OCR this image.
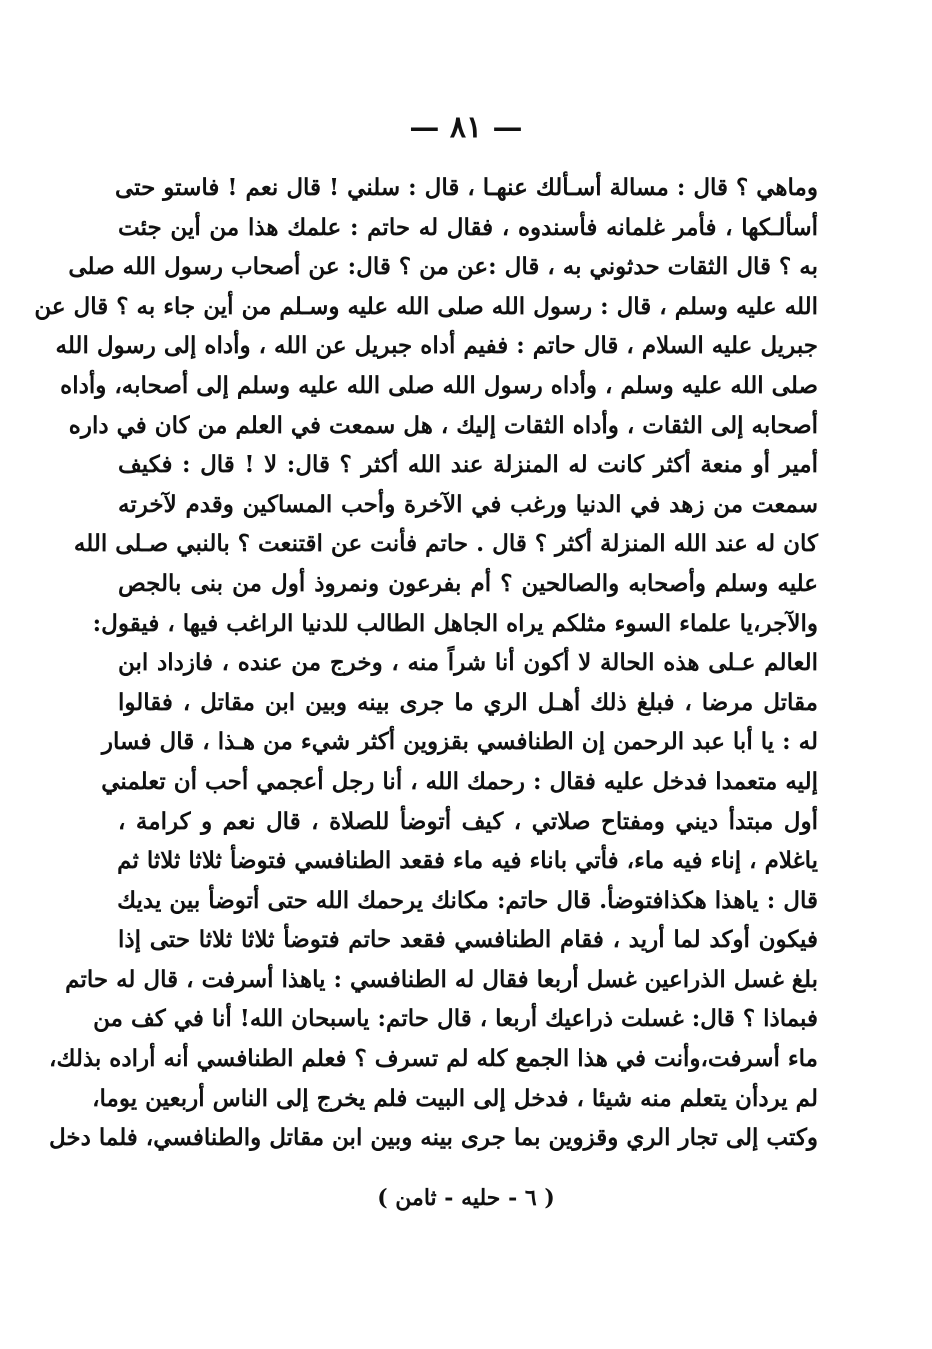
— ٨١ —
وماهي ؟ قال : مسالة أسـألك عنهـا ، قال : سلني ! قال نعم ! فاستو حتى
أسألـكها ، فأمر غلمانه فأسندوه ، فقال له حاتم : علمك هذا من أين جئت
به ؟ قال الثقات حدثوني به ، قال :عن من ؟ قال: عن أصحاب رسول الله صلى
الله عليه وسلم ، قال : رسول الله صلى الله عليه وسـلم من أين جاء به ؟ قال عن
جبريل عليه السلام ، قال حاتم : ففيم أداه جبريل عن الله ، وأداه إلى رسول الله
صلى الله عليه وسلم ، وأداه رسول الله صلى الله عليه وسلم إلى أصحابه، وأداه
أصحابه إلى الثقات ، وأداه الثقات إليك ، هل سمعت في العلم من كان في داره
أمير أو منعة أكثر كانت له المنزلة عند الله أكثر ؟ قال: لا ! قال : فكيف
سمعت من زهد في الدنيا ورغب في الآخرة وأحب المساكين وقدم لآخرته
كان له عند الله المنزلة أكثر ؟ قال . حاتم فأنت عن اقتنعت ؟ بالنبي صـلى الله
عليه وسلم وأصحابه والصالحين ؟ أم بفرعون ونمروذ أول من بنى بالجص
والآجر،يا علماء السوء مثلكم يراه الجاهل الطالب للدنيا الراغب فيها ، فيقول:
العالم عـلى هذه الحالة لا أكون أنا شراً منه ، وخرج من عنده ، فازداد ابن
مقاتل مرضا ، فبلغ ذلك أهـل الري ما جرى بينه وبين ابن مقاتل ، فقالوا
له : يا أبا عبد الرحمن إن الطنافسي بقزوين أكثر شيء من هـذا ، قال فسار
إليه متعمدا فدخل عليه فقال : رحمك الله ، أنا رجل أعجمي أحب أن تعلمني
أول مبتدأ ديني ومفتاح صلاتي ، كيف أتوضأ للصلاة ، قال نعم و كرامة ،
ياغلام ، إناء فيه ماء، فأتي باناء فيه ماء فقعد الطنافسي فتوضأ ثلاثا ثلاثا ثم
قال : ياهذا هكذافتوضأ. قال حاتم: مكانك يرحمك الله حتى أتوضأ بين يديك
فيكون أوكد لما أريد ، فقام الطنافسي فقعد حاتم فتوضأ ثلاثا ثلاثا حتى إذا
بلغ غسل الذراعين غسل أربعا فقال له الطنافسي : ياهذا أسرفت ، قال له حاتم
فبماذا ؟ قال: غسلت ذراعيك أربعا ، قال حاتم: ياسبحان الله! أنا في كف من
ماء أسرفت،وأنت في هذا الجمع كله لم تسرف ؟ فعلم الطنافسي أنه أراده بذلك،
لم يردأن يتعلم منه شيئا ، فدخل إلى البيت فلم يخرج إلى الناس أربعين يوما،
وكتب إلى تجار الري وقزوين بما جرى بينه وبين ابن مقاتل والطنافسي، فلما دخل
( ٦ - حليه - ثامن )
